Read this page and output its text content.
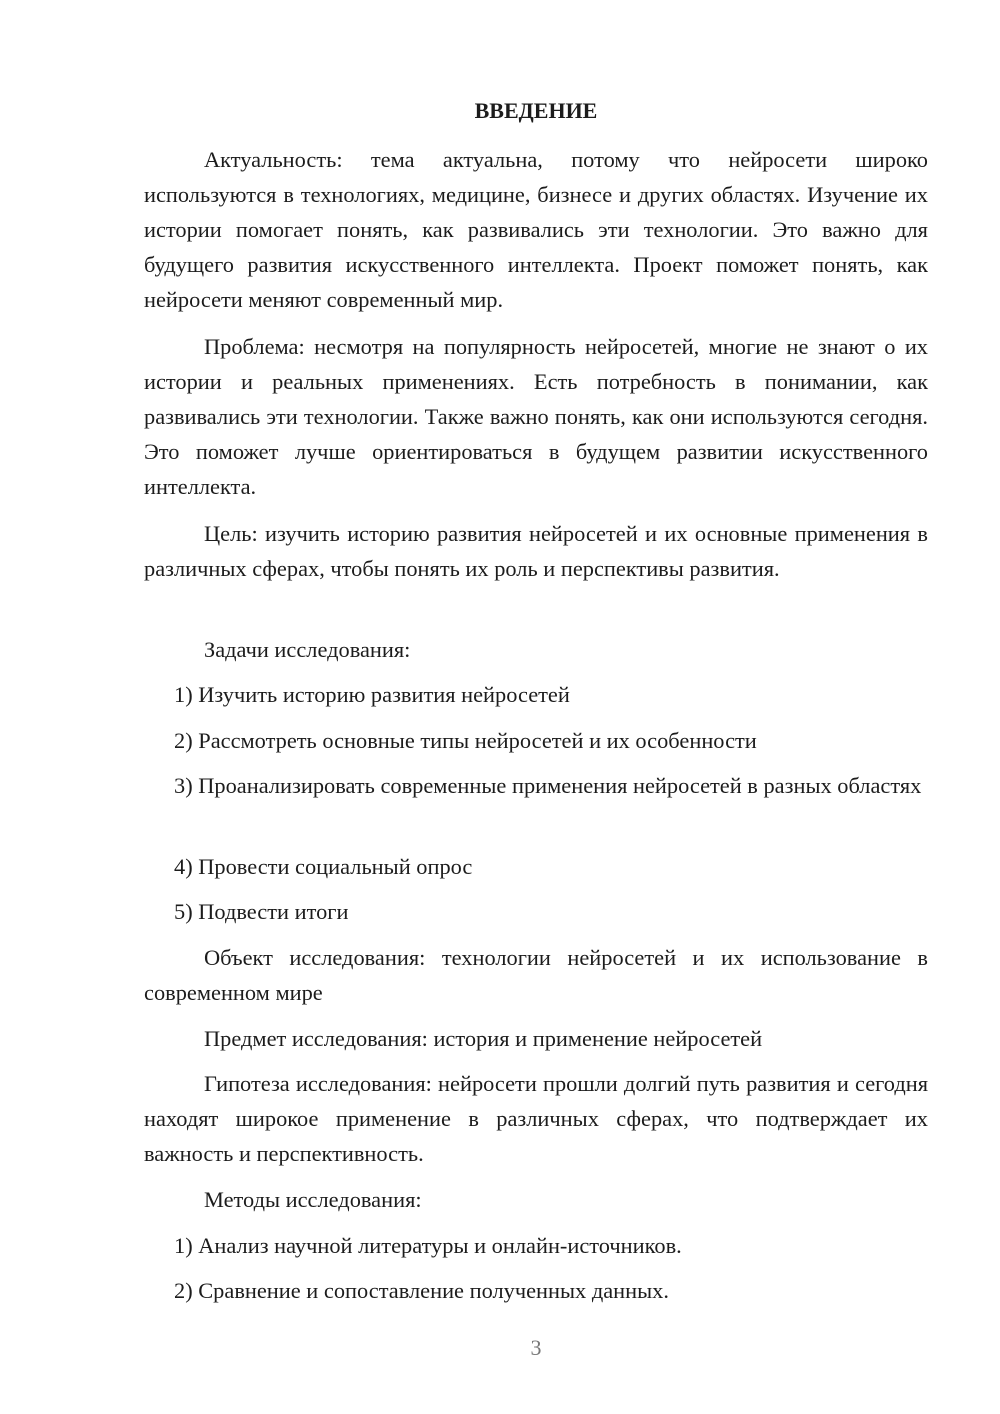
ВВЕДЕНИЕ

Актуальность: тема актуальна, потому что нейросети широко используются в технологиях, медицине, бизнесе и других областях. Изучение их истории помогает понять, как развивались эти технологии. Это важно для будущего развития искусственного интеллекта. Проект поможет понять, как нейросети меняют современный мир.

Проблема: несмотря на популярность нейросетей, многие не знают о их истории и реальных применениях. Есть потребность в понимании, как развивались эти технологии. Также важно понять, как они используются сегодня. Это поможет лучше ориентироваться в будущем развитии искусственного интеллекта.

Цель: изучить историю развития нейросетей и их основные применения в различных сферах, чтобы понять их роль и перспективы развития.

Задачи исследования:

1) Изучить историю развития нейросетей

2) Рассмотреть основные типы нейросетей и их особенности

3) Проанализировать современные применения нейросетей в разных областях

4) Провести социальный опрос

5) Подвести итоги

Объект исследования: технологии нейросетей и их использование в современном мире

Предмет исследования: история и применение нейросетей

Гипотеза исследования: нейросети прошли долгий путь развития и сегодня находят широкое применение в различных сферах, что подтверждает их важность и перспективность.

Методы исследования:

1) Анализ научной литературы и онлайн-источников.

2) Сравнение и сопоставление полученных данных.

3
